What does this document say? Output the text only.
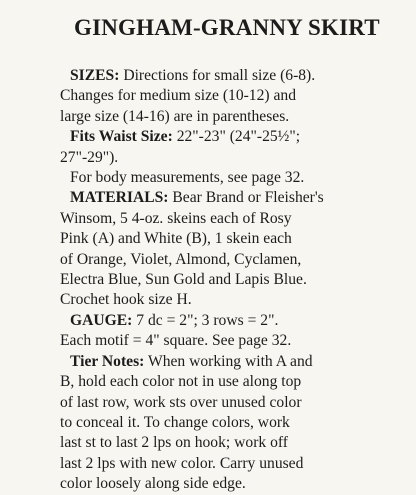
GINGHAM-GRANNY SKIRT

SIZES: Directions for small size (6-8).
Changes for medium size (10-12) and
large size (14-16) are in parentheses.

Fits Waist Size: 22"-23" (24"-25½";
27"-29").

For body measurements, see page 32.

MATERIALS: Bear Brand or Fleisher's
Winsom, 5 4-oz. skeins each of Rosy
Pink (A) and White (B), 1 skein each
of Orange, Violet, Almond, Cyclamen,
Electra Blue, Sun Gold and Lapis Blue.
Crochet hook size H.

GAUGE: 7 dc = 2"; 3 rows = 2".
Each motif = 4" square. See page 32.

Tier Notes: When working with A and
B, hold each color not in use along top
of last row, work sts over unused color
to conceal it. To change colors, work
last st to last 2 lps on hook; work off
last 2 lps with new color. Carry unused
color loosely along side edge.
